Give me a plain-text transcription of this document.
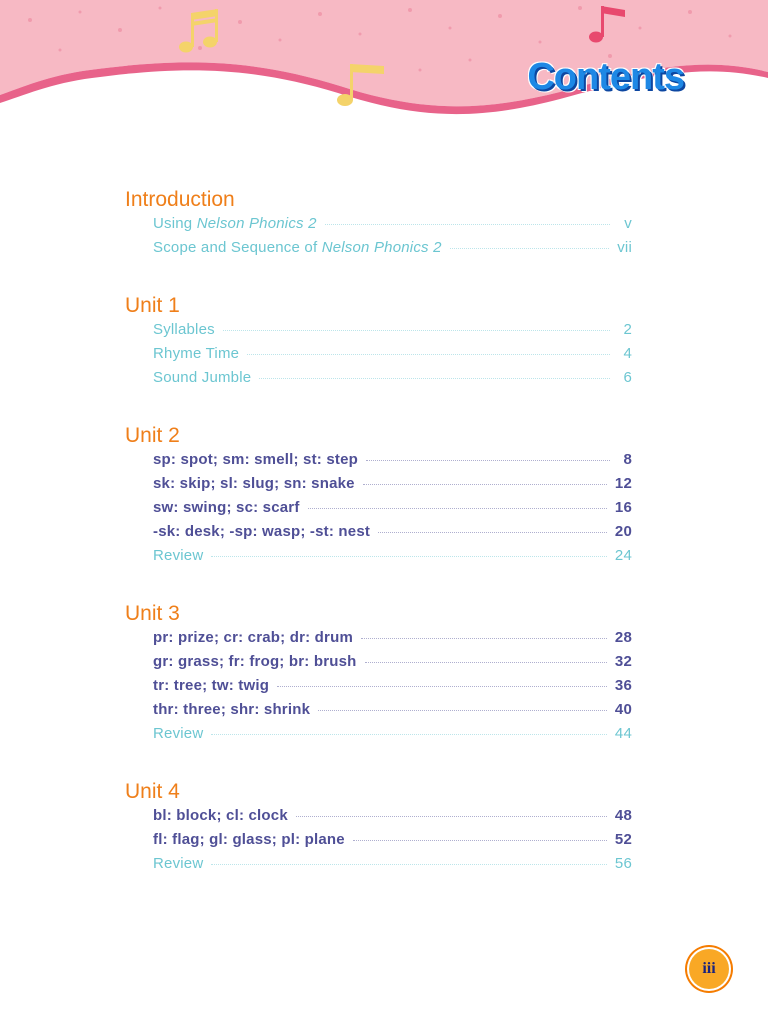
Contents
Introduction
Using Nelson Phonics 2	v
Scope and Sequence of Nelson Phonics 2	vii
Unit 1
Syllables	2
Rhyme Time	4
Sound Jumble	6
Unit 2
sp: spot; sm: smell; st: step	8
sk: skip; sl: slug; sn: snake	12
sw: swing; sc: scarf	16
-sk: desk; -sp: wasp; -st: nest	20
Review	24
Unit 3
pr: prize; cr: crab; dr: drum	28
gr: grass; fr: frog; br: brush	32
tr: tree; tw: twig	36
thr: three; shr: shrink	40
Review	44
Unit 4
bl: block; cl: clock	48
fl: flag; gl: glass; pl: plane	52
Review	56
iii
